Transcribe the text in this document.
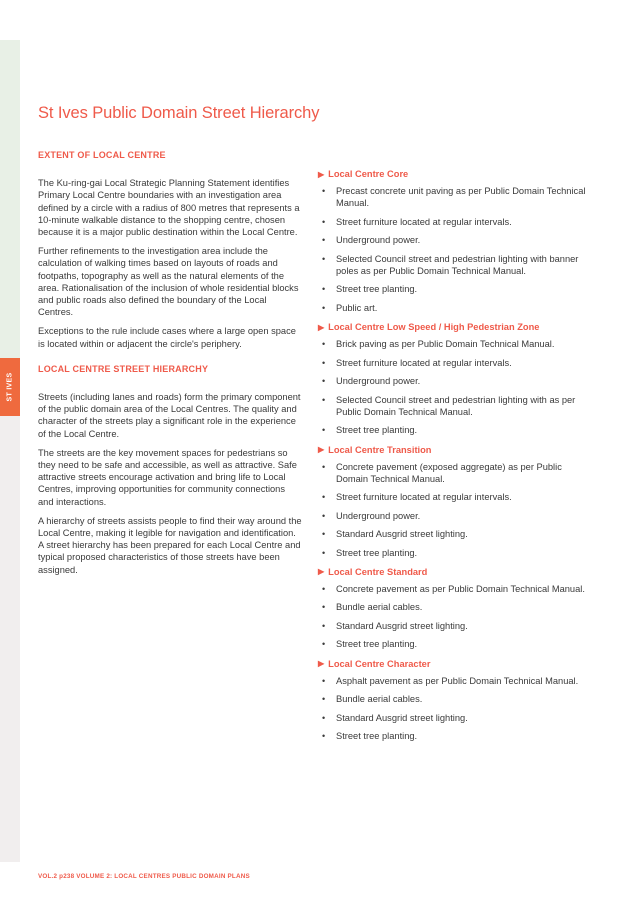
ST IVES
St Ives Public Domain Street Hierarchy
EXTENT OF LOCAL CENTRE

The Ku-ring-gai Local Strategic Planning Statement identifies Primary Local Centre boundaries with an investigation area defined by a circle with a radius of 800 metres that represents a 10-minute walkable distance to the shopping centre, chosen because it is a major public destination within the Local Centre.

Further refinements to the investigation area include the calculation of walking times based on layouts of roads and footpaths, topography as well as the natural elements of the area. Rationalisation of the inclusion of whole residential blocks and public roads also defined the boundary of the Local Centres.

Exceptions to the rule include cases where a large open space is located within or adjacent the circle's periphery.

LOCAL CENTRE STREET HIERARCHY

Streets (including lanes and roads) form the primary component of the public domain area of the Local Centres. The quality and character of the streets play a significant role in the experience of the Local Centre.

The streets are the key movement spaces for pedestrians so they need to be safe and accessible, as well as attractive. Safe attractive streets encourage activation and bring life to Local Centres, improving opportunities for community connections and interactions.

A hierarchy of streets assists people to find their way around the Local Centre, making it legible for navigation and identification. A street hierarchy has been prepared for each Local Centre and typical proposed characteristics of those streets have been assigned.

▶ Local Centre Core
• Precast concrete unit paving as per Public Domain Technical Manual.
• Street furniture located at regular intervals.
• Underground power.
• Selected Council street and pedestrian lighting with banner poles as per Public Domain Technical Manual.
• Street tree planting.
• Public art.
▶ Local Centre Low Speed / High Pedestrian Zone
• Brick paving as per Public Domain Technical Manual.
• Street furniture located at regular intervals.
• Underground power.
• Selected Council street and pedestrian lighting with as per Public Domain Technical Manual.
• Street tree planting.
▶ Local Centre Transition
• Concrete pavement (exposed aggregate) as per Public Domain Technical Manual.
• Street furniture located at regular intervals.
• Underground power.
• Standard Ausgrid street lighting.
• Street tree planting.
▶ Local Centre Standard
• Concrete pavement as per Public Domain Technical Manual.
• Bundle aerial cables.
• Standard Ausgrid street lighting.
• Street tree planting.
▶ Local Centre Character
• Asphalt pavement as per Public Domain Technical Manual.
• Bundle aerial cables.
• Standard Ausgrid street lighting.
• Street tree planting.
VOL.2 p238 VOLUME 2: LOCAL CENTRES PUBLIC DOMAIN PLANS
